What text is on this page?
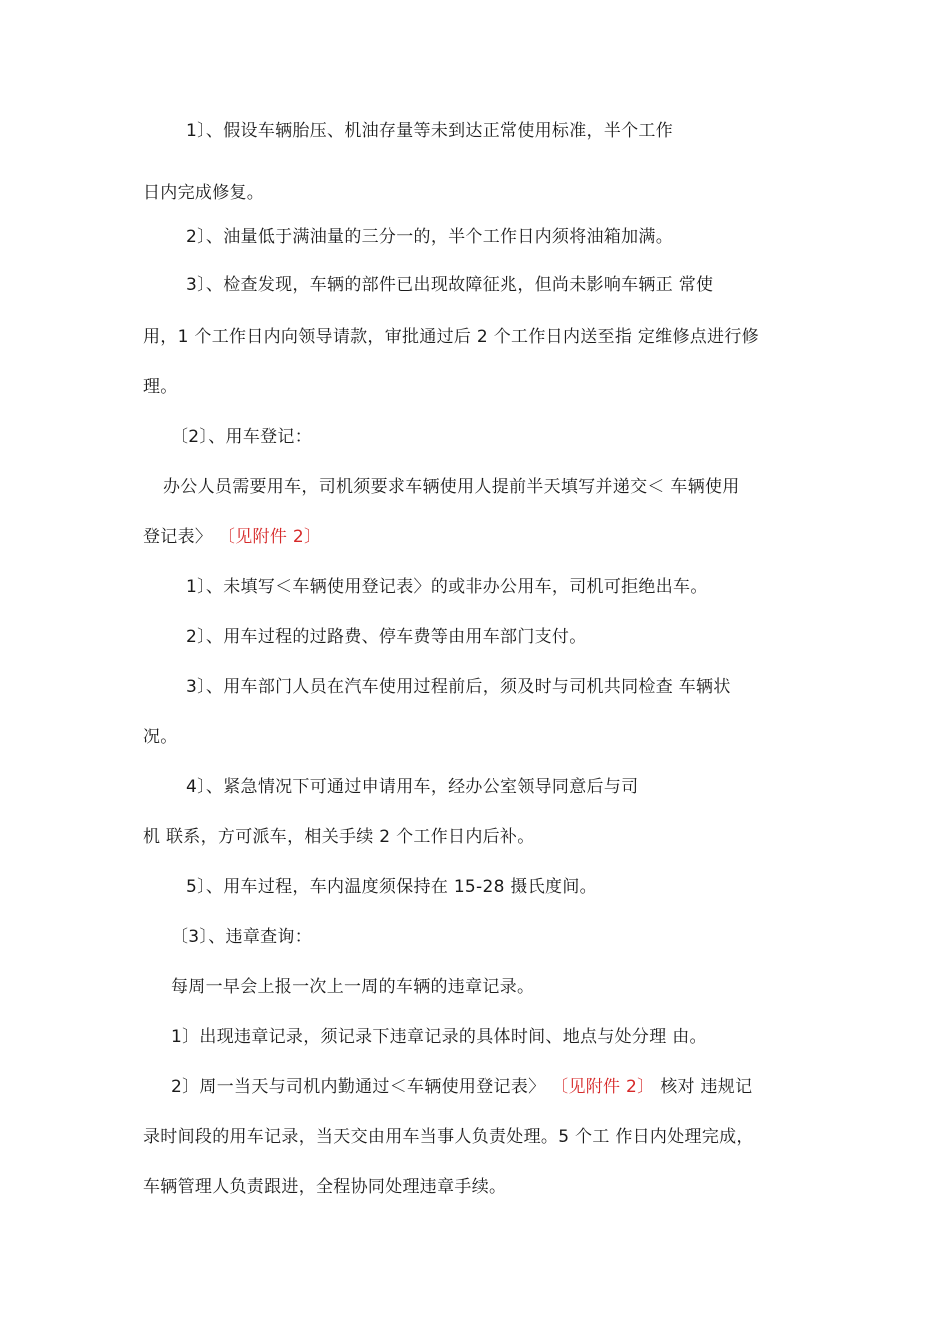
1〕、假设车辆胎压、机油存量等未到达正常使用标准，半个工作
日内完成修复。
2〕、油量低于满油量的三分一的，半个工作日内须将油箱加满。
3〕、检查发现，车辆的部件已出现故障征兆，但尚未影响车辆正 常使
用，1 个工作日内向领导请款，审批通过后 2 个工作日内送至指 定维修点进行修
理。
〔2〕、用车登记：
办公人员需要用车，司机须要求车辆使用人提前半天填写并递交＜ 车辆使用
登记表〉 〔见附件 2〕
1〕、未填写＜车辆使用登记表〉的或非办公用车，司机可拒绝出车。
2〕、用车过程的过路费、停车费等由用车部门支付。
3〕、用车部门人员在汽车使用过程前后，须及时与司机共同检查 车辆状
况。
4〕、紧急情况下可通过申请用车，经办公室领导同意后与司
机 联系，方可派车，相关手续 2 个工作日内后补。
5〕、用车过程，车内温度须保持在 15-28 摄氏度间。
〔3〕、违章查询：
每周一早会上报一次上一周的车辆的违章记录。
1〕出现违章记录，须记录下违章记录的具体时间、地点与处分理 由。
2〕周一当天与司机内勤通过＜车辆使用登记表〉 〔见附件 2〕 核对 违规记
录时间段的用车记录，当天交由用车当事人负责处理。5 个工 作日内处理完成，
车辆管理人负责跟进，全程协同处理违章手续。
